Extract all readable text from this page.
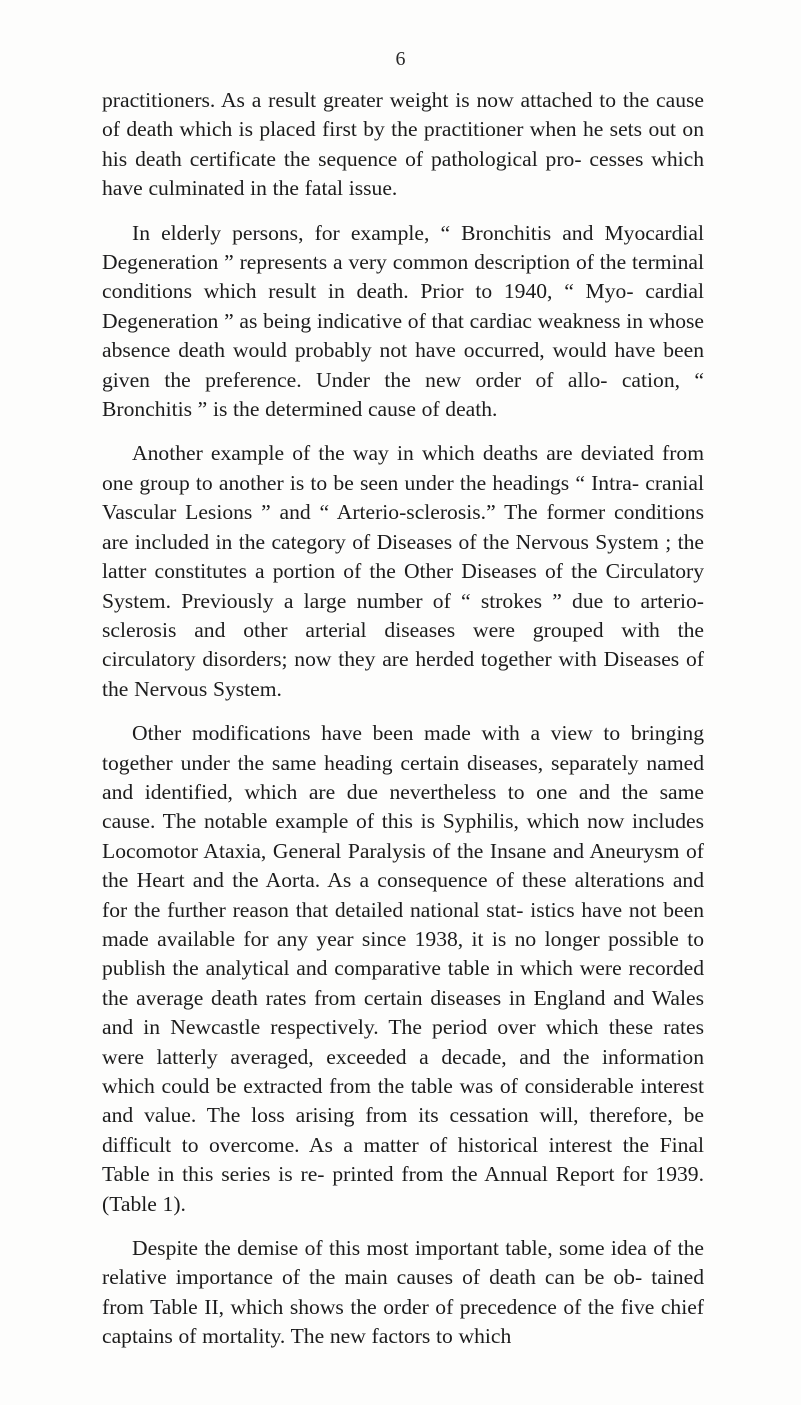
6

practitioners. As a result greater weight is now attached to the cause of death which is placed first by the practitioner when he sets out on his death certificate the sequence of pathological pro- cesses which have culminated in the fatal issue.

In elderly persons, for example, “ Bronchitis and Myocardial Degeneration ” represents a very common description of the terminal conditions which result in death. Prior to 1940, “ Myo- cardial Degeneration ” as being indicative of that cardiac weakness in whose absence death would probably not have occurred, would have been given the preference. Under the new order of allo- cation, “ Bronchitis ” is the determined cause of death.

Another example of the way in which deaths are deviated from one group to another is to be seen under the headings “ Intra- cranial Vascular Lesions ” and “ Arterio-sclerosis.” The former conditions are included in the category of Diseases of the Nervous System ; the latter constitutes a portion of the Other Diseases of the Circulatory System. Previously a large number of “ strokes ” due to arterio-sclerosis and other arterial diseases were grouped with the circulatory disorders; now they are herded together with Diseases of the Nervous System.

Other modifications have been made with a view to bringing together under the same heading certain diseases, separately named and identified, which are due nevertheless to one and the same cause. The notable example of this is Syphilis, which now includes Locomotor Ataxia, General Paralysis of the Insane and Aneurysm of the Heart and the Aorta. As a consequence of these alterations and for the further reason that detailed national stat- istics have not been made available for any year since 1938, it is no longer possible to publish the analytical and comparative table in which were recorded the average death rates from certain diseases in England and Wales and in Newcastle respectively. The period over which these rates were latterly averaged, exceeded a decade, and the information which could be extracted from the table was of considerable interest and value. The loss arising from its cessation will, therefore, be difficult to overcome. As a matter of historical interest the Final Table in this series is re- printed from the Annual Report for 1939. (Table 1).

Despite the demise of this most important table, some idea of the relative importance of the main causes of death can be ob- tained from Table II, which shows the order of precedence of the five chief captains of mortality. The new factors to which
